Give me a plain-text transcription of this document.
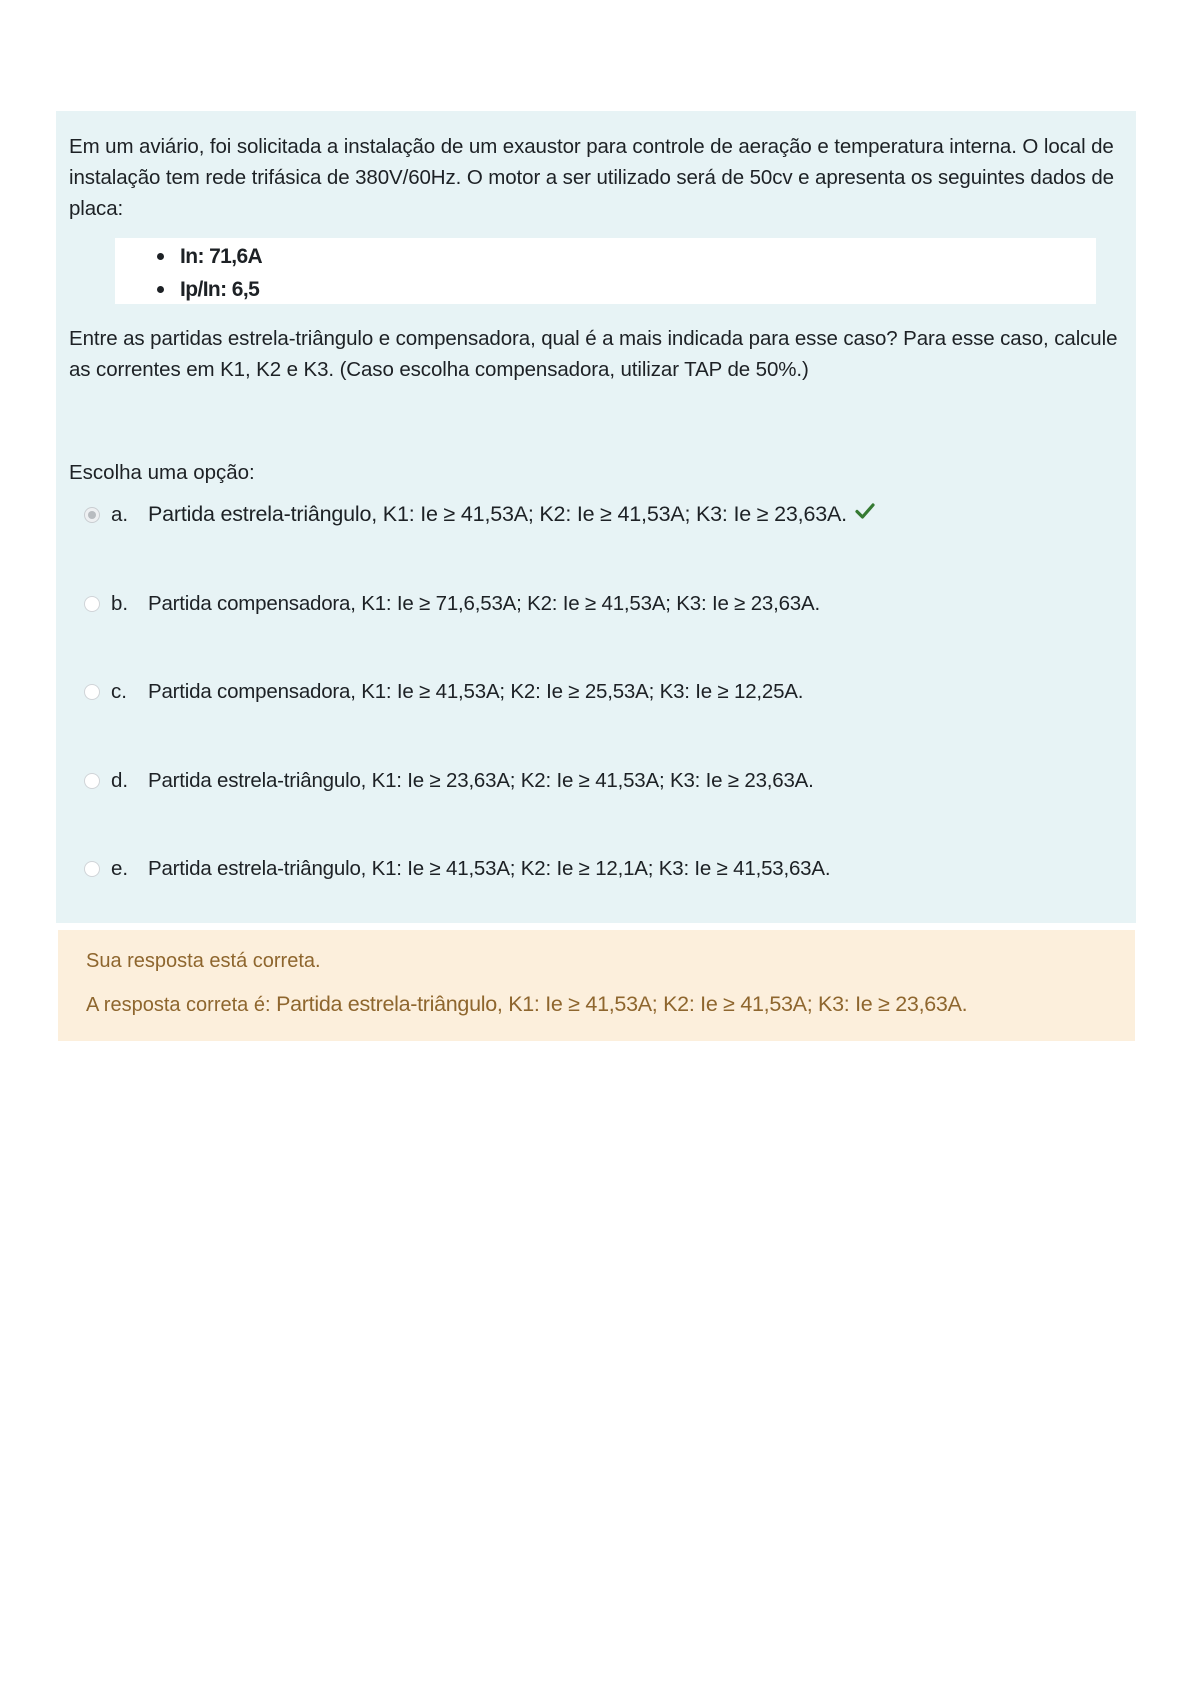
Em um aviário, foi solicitada a instalação de um exaustor para controle de aeração e temperatura interna. O local de instalação tem rede trifásica de 380V/60Hz. O motor a ser utilizado será de 50cv e apresenta os seguintes dados de placa:

In: 71,6A
Ip/In: 6,5

Entre as partidas estrela-triângulo e compensadora, qual é a mais indicada para esse caso? Para esse caso, calcule as correntes em K1, K2 e K3. (Caso escolha compensadora, utilizar TAP de 50%.)

Escolha uma opção:

a. Partida estrela-triângulo, K1: Ie ≥ 41,53A; K2: Ie ≥ 41,53A; K3: Ie ≥ 23,63A.
b. Partida compensadora, K1: Ie ≥ 71,6,53A; K2: Ie ≥ 41,53A; K3: Ie ≥ 23,63A.
c.	Partida compensadora, K1: Ie ≥ 41,53A; K2: Ie ≥ 25,53A; K3: Ie ≥ 12,25A.
d. Partida estrela-triângulo, K1: Ie ≥ 23,63A; K2: Ie ≥ 41,53A; K3: Ie ≥ 23,63A.
e. Partida estrela-triângulo, K1: Ie ≥ 41,53A; K2: Ie ≥ 12,1A; K3: Ie ≥ 41,53,63A.

Sua resposta está correta.

A resposta correta é: Partida estrela-triângulo, K1: Ie ≥ 41,53A; K2: Ie ≥ 41,53A; K3: Ie ≥ 23,63A.
